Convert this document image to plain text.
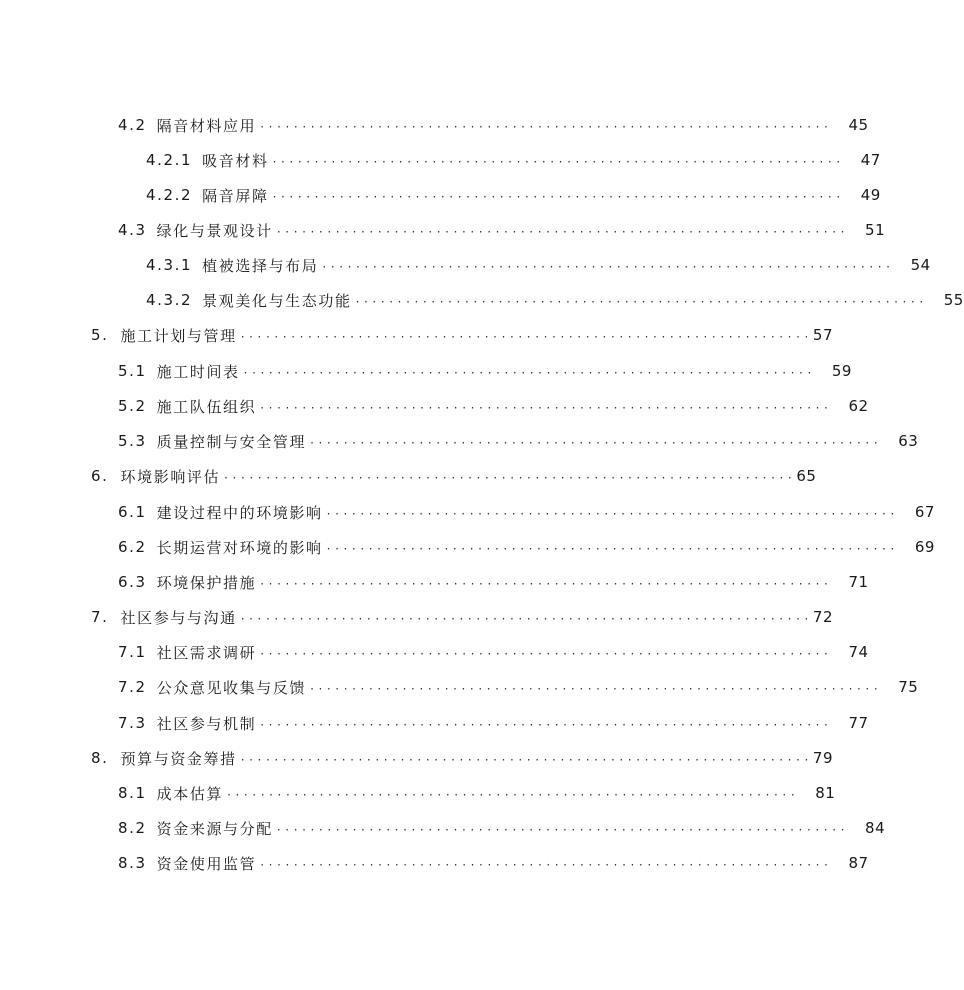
4.2 隔音材料应用 ···································································· 45
4.2.1 吸音材料 ···································································· 47
4.2.2 隔音屏障 ···································································· 49
4.3 绿化与景观设计 ···································································· 51
4.3.1 植被选择与布局 ···································································· 54
4.3.2 景观美化与生态功能 ···································································· 55
5. 施工计划与管理 ···································································· 57
5.1 施工时间表 ···································································· 59
5.2 施工队伍组织 ···································································· 62
5.3 质量控制与安全管理 ···································································· 63
6. 环境影响评估 ···································································· 65
6.1 建设过程中的环境影响 ···································································· 67
6.2 长期运营对环境的影响 ···································································· 69
6.3 环境保护措施 ···································································· 71
7. 社区参与与沟通 ···································································· 72
7.1 社区需求调研 ···································································· 74
7.2 公众意见收集与反馈 ···································································· 75
7.3 社区参与机制 ···································································· 77
8. 预算与资金筹措 ···································································· 79
8.1 成本估算 ···································································· 81
8.2 资金来源与分配 ···································································· 84
8.3 资金使用监管 ···································································· 87
